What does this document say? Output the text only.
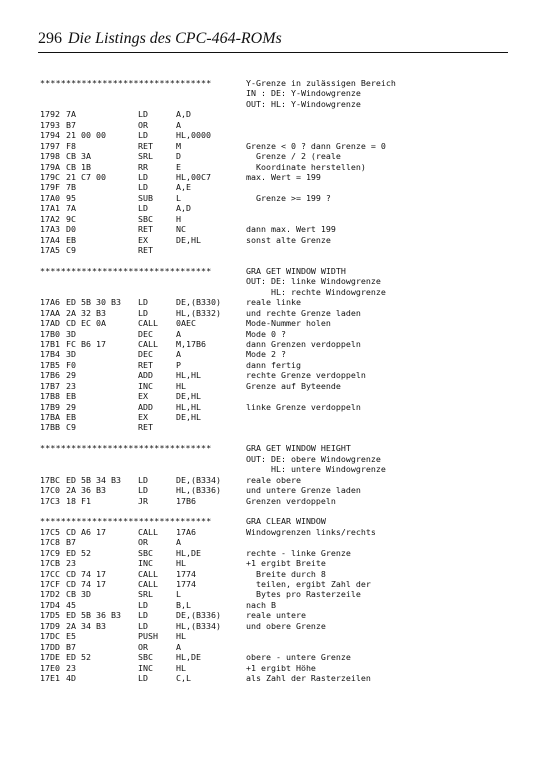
296 Die Listings des CPC-464-ROMs
*********************************	Y-Grenze in zulässigen Bereich
IN : DE: Y-Windowgrenze
OUT: HL: Y-Windowgrenze
1792 7A	LD	A,D
1793 B7	OR	A
1794 21 00 00	LD	HL,0000
1797 F8	RET	M	Grenze < 0 ? dann Grenze = 0
1798 CB 3A	SRL	D	Grenze / 2 (reale
179A CB 1B	RR	E	Koordinate herstellen)
179C 21 C7 00	LD	HL,00C7	max. Wert = 199
179F 7B	LD	A,E
17A0 95	SUB	L	Grenze >= 199 ?
17A1 7A	LD	A,D
17A2 9C	SBC	H
17A3 D0	RET	NC	dann max. Wert 199
17A4 EB	EX	DE,HL	sonst alte Grenze
17A5 C9	RET
*********************************	GRA GET WINDOW WIDTH
OUT: DE: linke Windowgrenze
HL: rechte Windowgrenze
17A6 ED 5B 30 B3 LD	DE,(B330)	reale linke
17AA 2A 32 B3	LD	HL,(B332)	und rechte Grenze laden
17AD CD EC 0A	CALL 0AEC	Mode-Nummer holen
17B0 3D	DEC	A	Mode 0 ?
17B1 FC B6 17	CALL M,17B6	dann Grenzen verdoppeln
17B4 3D	DEC	A	Mode 2 ?
17B5 F0	RET	P	dann fertig
17B6 29	ADD	HL,HL	rechte Grenze verdoppeln
17B7 23	INC	HL	Grenze auf Byteende
17B8 EB	EX	DE,HL
17B9 29	ADD	HL,HL	linke Grenze verdoppeln
17BA EB	EX	DE,HL
17BB C9	RET
*********************************	GRA GET WINDOW HEIGHT
OUT: DE: obere Windowgrenze
HL: untere Windowgrenze
17BC ED 5B 34 B3 LD	DE,(B334)	reale obere
17C0 2A 36 B3	LD	HL,(B336)	und untere Grenze laden
17C3 18 F1	JR	17B6	Grenzen verdoppeln
*********************************	GRA CLEAR WINDOW
17C5 CD A6 17	CALL 17A6	Windowgrenzen links/rechts
17C8 B7	OR	A
17C9 ED 52	SBC	HL,DE	rechte - linke Grenze
17CB 23	INC	HL	+1 ergibt Breite
17CC CD 74 17	CALL 1774	Breite durch 8
17CF CD 74 17	CALL 1774	teilen, ergibt Zahl der
17D2 CB 3D	SRL	L	Bytes pro Rasterzeile
17D4 45	LD	B,L	nach B
17D5 ED 5B 36 B3 LD	DE,(B336)	reale untere
17D9 2A 34 B3	LD	HL,(B334)	und obere Grenze
17DC E5	PUSH HL
17DD B7	OR	A
17DE ED 52	SBC	HL,DE	obere - untere Grenze
17E0 23	INC	HL	+1 ergibt Höhe
17E1 4D	LD	C,L	als Zahl der Rasterzeilen
